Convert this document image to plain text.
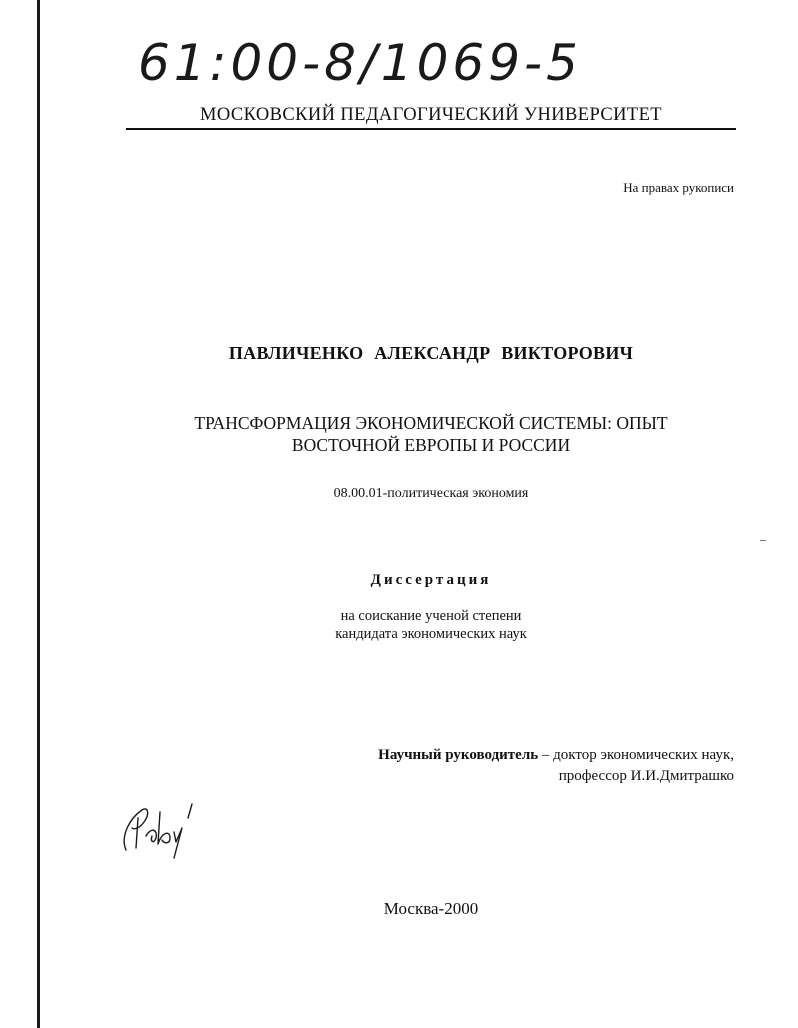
61:00-8/1069-5
МОСКОВСКИЙ ПЕДАГОГИЧЕСКИЙ УНИВЕРСИТЕТ
На правах рукописи
ПАВЛИЧЕНКО АЛЕКСАНДР ВИКТОРОВИЧ
ТРАНСФОРМАЦИЯ ЭКОНОМИЧЕСКОЙ СИСТЕМЫ: ОПЫТ
ВОСТОЧНОЙ ЕВРОПЫ И РОССИИ
08.00.01-политическая экономия
Диссертация
на соискание ученой степени
кандидата экономических наук
Научный руководитель – доктор экономических наук,
профессор И.И.Дмитрашко
Москва-2000
